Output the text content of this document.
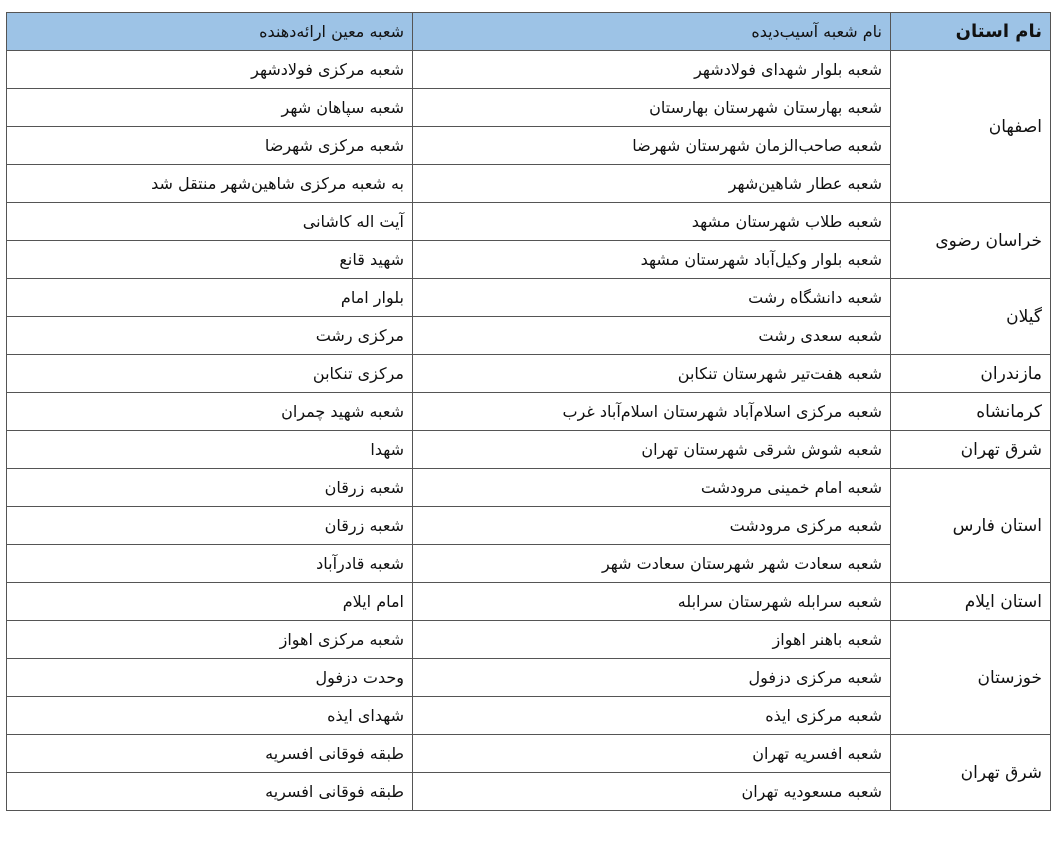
نام استان	نام شعبه آسیب‌دیده	شعبه معین ارائه‌دهنده
اصفهان	شعبه بلوار شهدای فولادشهر	شعبه مرکزی فولادشهر
	شعبه بهارستان شهرستان بهارستان	شعبه سپاهان شهر
	شعبه صاحب‌الزمان شهرستان شهرضا	شعبه مرکزی شهرضا
	شعبه عطار شاهین‌شهر	به شعبه مرکزی شاهین‌شهر منتقل شد
خراسان رضوی	شعبه طلاب شهرستان مشهد	آیت اله کاشانی
	شعبه بلوار وکیل‌آباد شهرستان مشهد	شهید قانع
گیلان	شعبه دانشگاه رشت	بلوار امام
	شعبه سعدی رشت	مرکزی رشت
مازندران	شعبه هفت‌تیر شهرستان تنکابن	مرکزی تنکابن
کرمانشاه	شعبه مرکزی اسلام‌آباد شهرستان اسلام‌آباد غرب	شعبه شهید چمران
شرق تهران	شعبه شوش شرقی شهرستان تهران	شهدا
استان فارس	شعبه امام خمینی مرودشت	شعبه زرقان
	شعبه مرکزی مرودشت	شعبه زرقان
	شعبه سعادت شهر شهرستان سعادت شهر	شعبه قادرآباد
استان ایلام	شعبه سرابله شهرستان سرابله	امام ایلام
خوزستان	شعبه باهنر اهواز	شعبه مرکزی اهواز
	شعبه مرکزی دزفول	وحدت دزفول
	شعبه مرکزی ایذه	شهدای ایذه
شرق تهران	شعبه افسریه تهران	طبقه فوقانی افسریه
	شعبه مسعودیه تهران	طبقه فوقانی افسریه
